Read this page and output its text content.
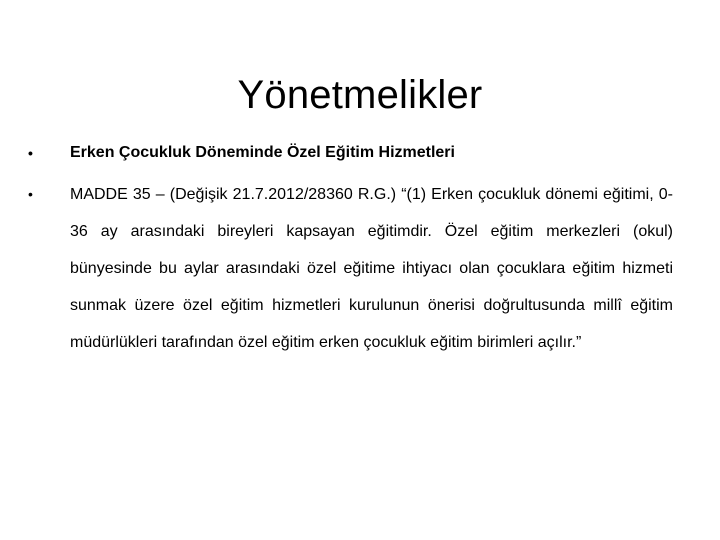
Yönetmelikler
• Erken Çocukluk Döneminde Özel Eğitim Hizmetleri
• MADDE 35 – (Değişik 21.7.2012/28360 R.G.) “(1) Erken çocukluk dönemi eğitimi, 0- 36 ay arasındaki bireyleri kapsayan eğitimdir. Özel eğitim merkezleri (okul) bünyesinde bu aylar arasındaki özel eğitime ihtiyacı olan çocuklara eğitim hizmeti sunmak üzere özel eğitim hizmetleri kurulunun önerisi doğrultusunda millî eğitim müdürlükleri tarafından özel eğitim erken çocukluk eğitim birimleri açılır.”
